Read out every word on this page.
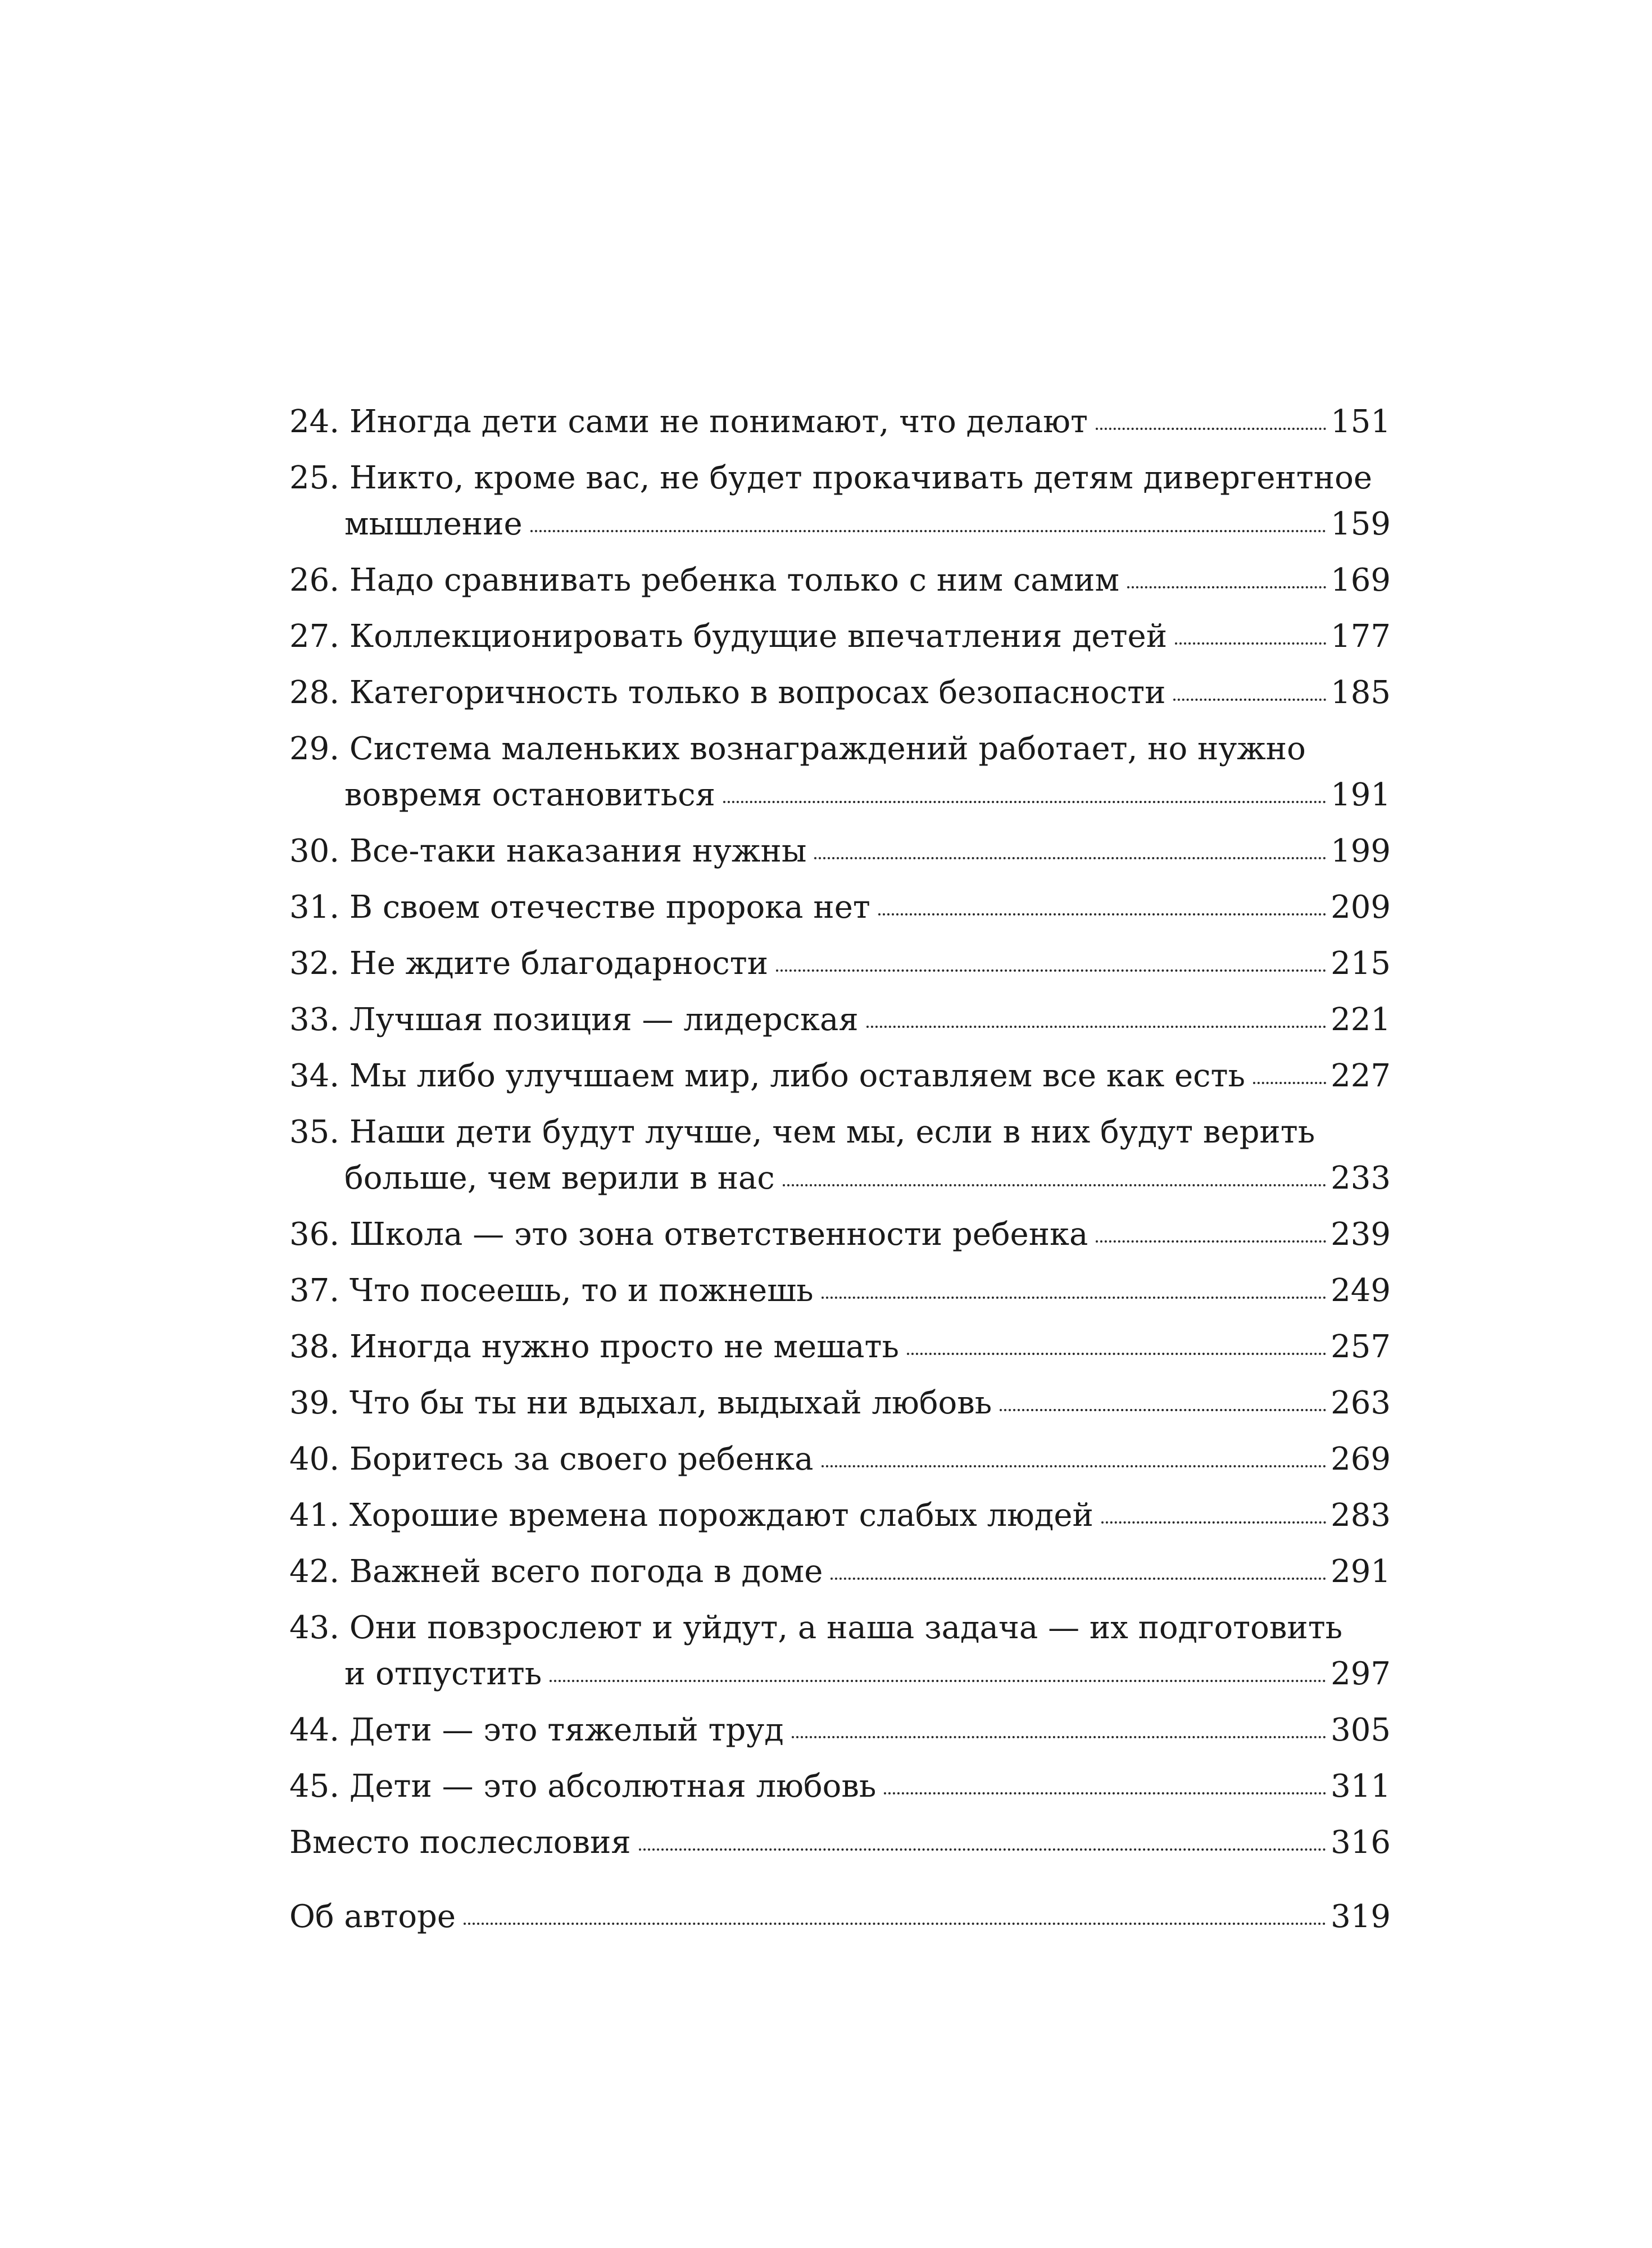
24. Иногда дети сами не понимают, что делают	151
25. Никто, кроме вас, не будет прокачивать детям дивергентное
мышление	159
26. Надо сравнивать ребенка только с ним самим	169
27. Коллекционировать будущие впечатления детей	177
28. Категоричность только в вопросах безопасности	185
29. Система маленьких вознаграждений работает, но нужно
вовремя остановиться	191
30. Все-таки наказания нужны	199
31. В своем отечестве пророка нет	209
32. Не ждите благодарности	215
33. Лучшая позиция — лидерская	221
34. Мы либо улучшаем мир, либо оставляем все как есть	227
35. Наши дети будут лучше, чем мы, если в них будут верить
больше, чем верили в нас	233
36. Школа — это зона ответственности ребенка	239
37. Что посеешь, то и пожнешь	249
38. Иногда нужно просто не мешать	257
39. Что бы ты ни вдыхал, выдыхай любовь	263
40. Боритесь за своего ребенка	269
41. Хорошие времена порождают слабых людей	283
42. Важней всего погода в доме	291
43. Они повзрослеют и уйдут, а наша задача — их подготовить
и отпустить	297
44. Дети — это тяжелый труд	305
45. Дети — это абсолютная любовь	311
Вместо послесловия	316
Об авторе	319
